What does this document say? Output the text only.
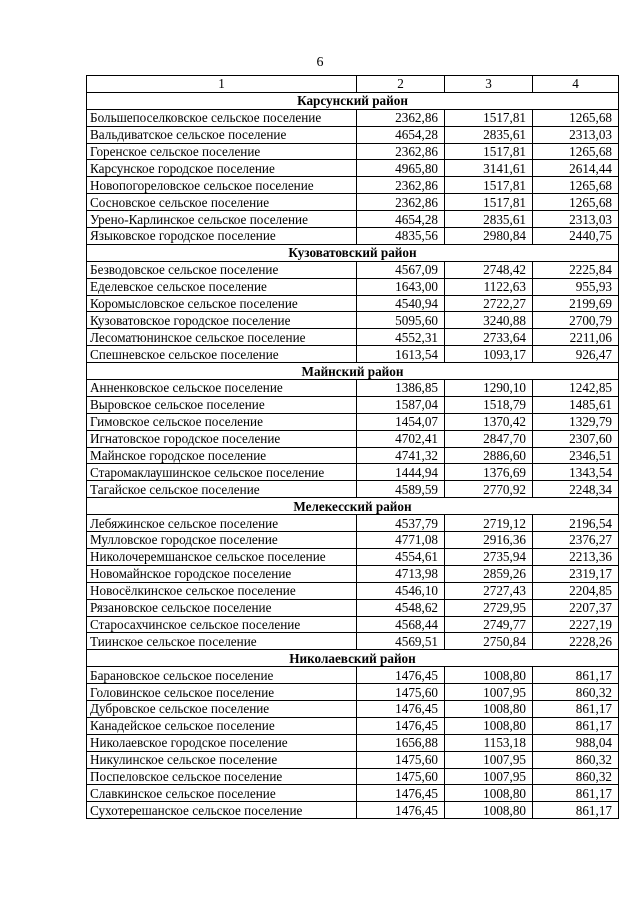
6
1	2	3	4
Карсунский район			
Большепоселковское сельское поселение	2362,86	1517,81	1265,68
Вальдиватское сельское поселение	4654,28	2835,61	2313,03
Горенское сельское поселение	2362,86	1517,81	1265,68
Карсунское городское поселение	4965,80	3141,61	2614,44
Новопогореловское сельское поселение	2362,86	1517,81	1265,68
Сосновское сельское поселение	2362,86	1517,81	1265,68
Урено-Карлинское сельское поселение	4654,28	2835,61	2313,03
Языковское городское поселение	4835,56	2980,84	2440,75
Кузоватовский район			
Безводовское сельское поселение	4567,09	2748,42	2225,84
Еделевское сельское поселение	1643,00	1122,63	955,93
Коромысловское сельское поселение	4540,94	2722,27	2199,69
Кузоватовское городское поселение	5095,60	3240,88	2700,79
Лесоматюнинское сельское поселение	4552,31	2733,64	2211,06
Спешневское сельское поселение	1613,54	1093,17	926,47
Майнский район			
Анненковское сельское поселение	1386,85	1290,10	1242,85
Выровское сельское поселение	1587,04	1518,79	1485,61
Гимовское сельское поселение	1454,07	1370,42	1329,79
Игнатовское городское поселение	4702,41	2847,70	2307,60
Майнское городское поселение	4741,32	2886,60	2346,51
Старомаклаушинское сельское поселение	1444,94	1376,69	1343,54
Тагайское сельское поселение	4589,59	2770,92	2248,34
Мелекесский район			
Лебяжинское сельское поселение	4537,79	2719,12	2196,54
Мулловское городское поселение	4771,08	2916,36	2376,27
Николочеремшанское сельское поселение	4554,61	2735,94	2213,36
Новомайнское городское поселение	4713,98	2859,26	2319,17
Новосёлкинское сельское поселение	4546,10	2727,43	2204,85
Рязановское сельское поселение	4548,62	2729,95	2207,37
Старосахчинское сельское поселение	4568,44	2749,77	2227,19
Тиинское сельское поселение	4569,51	2750,84	2228,26
Николаевский район			
Барановское сельское поселение	1476,45	1008,80	861,17
Головинское сельское поселение	1475,60	1007,95	860,32
Дубровское сельское поселение	1476,45	1008,80	861,17
Канадейское сельское поселение	1476,45	1008,80	861,17
Николаевское городское поселение	1656,88	1153,18	988,04
Никулинское сельское поселение	1475,60	1007,95	860,32
Поспеловское сельское поселение	1475,60	1007,95	860,32
Славкинское сельское поселение	1476,45	1008,80	861,17
Сухотерешанское сельское поселение	1476,45	1008,80	861,17
